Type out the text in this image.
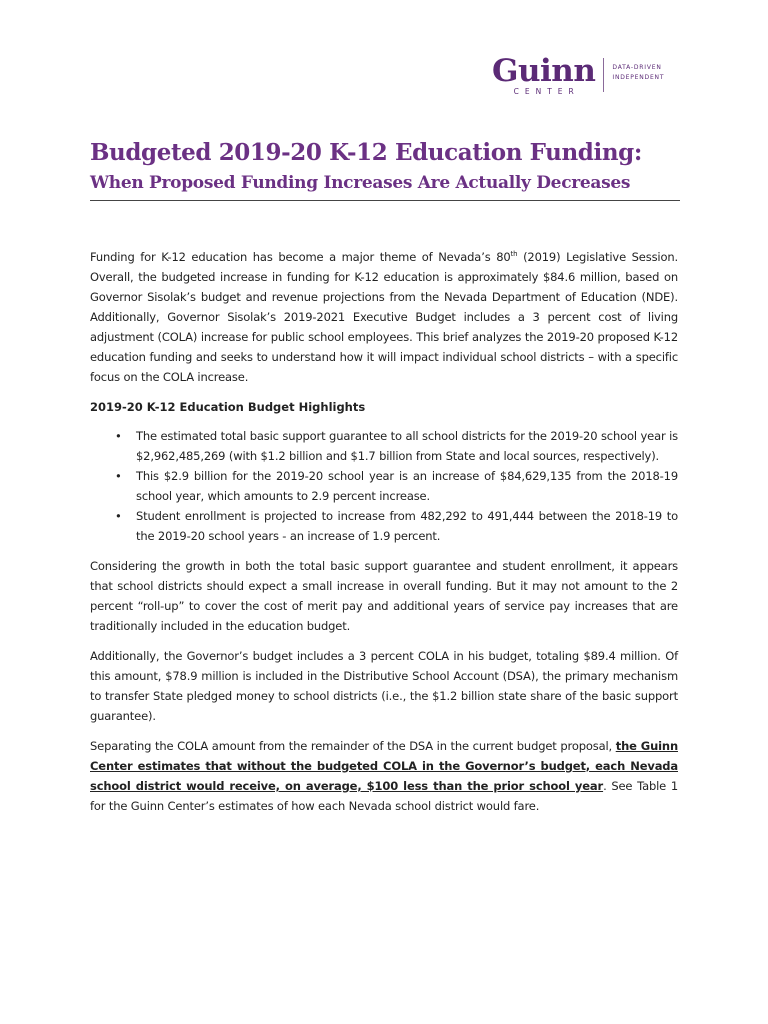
Guinn
CENTER
DATA-DRIVEN
INDEPENDENT
Budgeted 2019-20 K-12 Education Funding:
When Proposed Funding Increases Are Actually Decreases

Funding for K-12 education has become a major theme of Nevada’s 80th (2019) Legislative Session. Overall, the budgeted increase in funding for K-12 education is approximately $84.6 million, based on Governor Sisolak’s budget and revenue projections from the Nevada Department of Education (NDE). Additionally, Governor Sisolak’s 2019-2021 Executive Budget includes a 3 percent cost of living adjustment (COLA) increase for public school employees. This brief analyzes the 2019-20 proposed K-12 education funding and seeks to understand how it will impact individual school districts – with a specific focus on the COLA increase.

2019-20 K-12 Education Budget Highlights
• The estimated total basic support guarantee to all school districts for the 2019-20 school year is $2,962,485,269 (with $1.2 billion and $1.7 billion from State and local sources, respectively).
• This $2.9 billion for the 2019-20 school year is an increase of $84,629,135 from the 2018-19 school year, which amounts to 2.9 percent increase.
• Student enrollment is projected to increase from 482,292 to 491,444 between the 2018-19 to the 2019-20 school years - an increase of 1.9 percent.

Considering the growth in both the total basic support guarantee and student enrollment, it appears that school districts should expect a small increase in overall funding. But it may not amount to the 2 percent “roll-up” to cover the cost of merit pay and additional years of service pay increases that are traditionally included in the education budget.

Additionally, the Governor’s budget includes a 3 percent COLA in his budget, totaling $89.4 million. Of this amount, $78.9 million is included in the Distributive School Account (DSA), the primary mechanism to transfer State pledged money to school districts (i.e., the $1.2 billion state share of the basic support guarantee).

Separating the COLA amount from the remainder of the DSA in the current budget proposal, the Guinn Center estimates that without the budgeted COLA in the Governor’s budget, each Nevada school district would receive, on average, $100 less than the prior school year. See Table 1 for the Guinn Center’s estimates of how each Nevada school district would fare.
